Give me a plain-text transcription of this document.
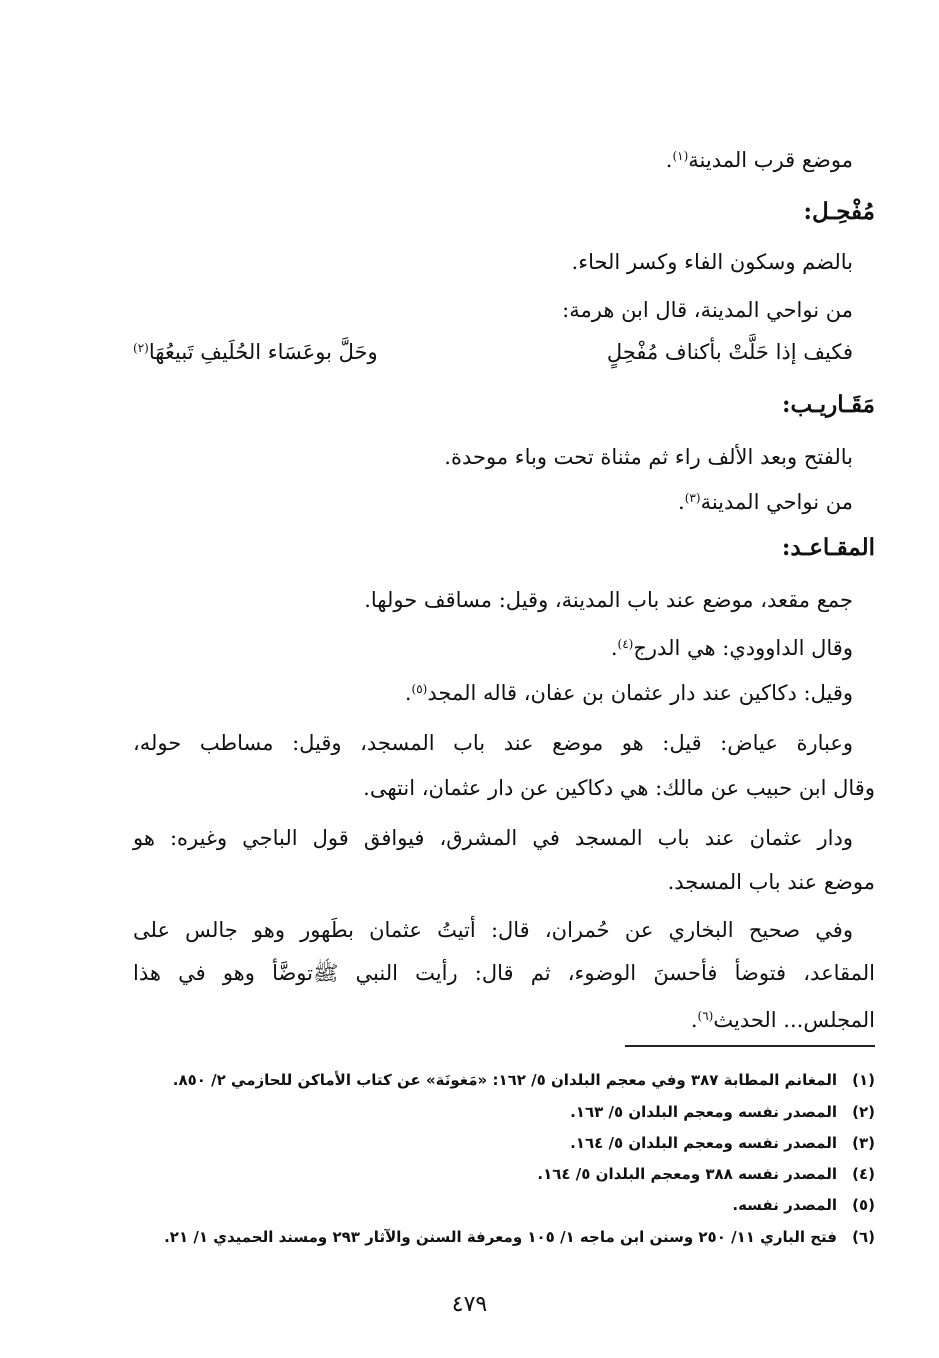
موضع قرب المدينة$^{(١)}$.
مُفْحِـل:
بالضم وسكون الفاء وكسر الحاء.
من نواحي المدينة، قال ابن هرمة:
فكيف إذا حَلَّتْ بأكناف مُفْحِلٍ
وحَلَّ بوعَسَاء الحُلَيفِ تَبيعُهَا$^{(٢)}$
مَقَـاريـب:
بالفتح وبعد الألف راء ثم مثناة تحت وباء موحدة.
من نواحي المدينة$^{(٣)}$.
المقـاعـد:
جمع مقعد، موضع عند باب المدينة، وقيل: مساقف حولها.
وقال الداوودي: هي الدرج$^{(٤)}$.
وقيل: دكاكين عند دار عثمان بن عفان، قاله المجد$^{(٥)}$.
وعبارة عياض: قيل: هو موضع عند باب المسجد، وقيل: مساطب حوله،
وقال ابن حبيب عن مالك: هي دكاكين عن دار عثمان، انتهى.
ودار عثمان عند باب المسجد في المشرق، فيوافق قول الباجي وغيره: هو
موضع عند باب المسجد.
وفي صحيح البخاري عن حُمران، قال: أتيتُ عثمان بطَهور وهو جالس على
المقاعد، فتوضأ فأحسنَ الوضوء، ثم قال: رأيت النبي ﷺتوضَّأ وهو في هذا
المجلس... الحديث$^{(٦)}$.
(١)المغانم المطابة ٣٨٧ وفي معجم البلدان ٥/ ١٦٢: «مَغونَة» عن كتاب الأماكن للحازمي ٢/ ٨٥٠.
(٢)المصدر نفسه ومعجم البلدان ٥/ ١٦٣.
(٣)المصدر نفسه ومعجم البلدان ٥/ ١٦٤.
(٤)المصدر نفسه ٣٨٨ ومعجم البلدان ٥/ ١٦٤.
(٥)المصدر نفسه.
(٦)فتح الباري ١١/ ٢٥٠ وسنن ابن ماجه ١/ ١٠٥ ومعرفة السنن والآثار ٢٩٣ ومسند الحميدي ١/ ٢١.
٤٧٩
